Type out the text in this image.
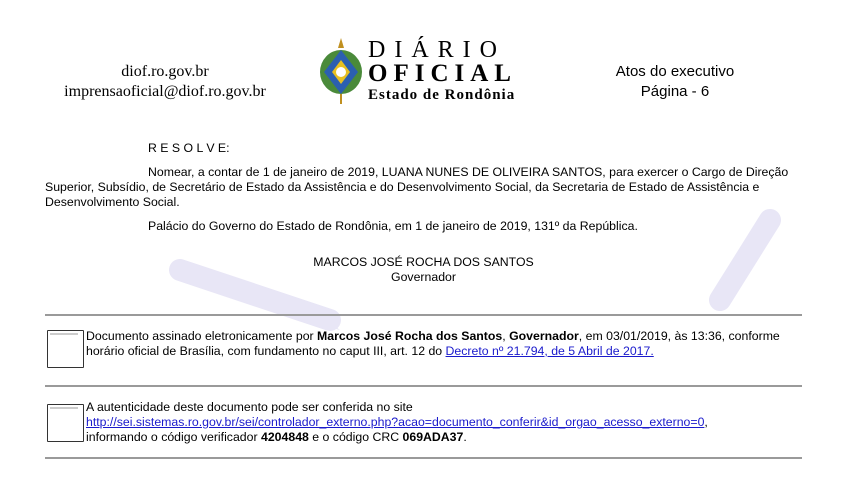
diof.ro.gov.br
imprensaoficial@diof.ro.gov.br
DIÁRIO
OFICIAL
Estado de Rondônia
Atos do executivo
Página - 6
R E S O L V E:
Nomear, a contar de 1 de janeiro de 2019, LUANA NUNES DE OLIVEIRA SANTOS, para exercer o Cargo de Direção Superior, Subsídio, de Secretário de Estado da Assistência e do Desenvolvimento Social, da Secretaria de Estado de Assistência e Desenvolvimento Social.
Palácio do Governo do Estado de Rondônia, em 1 de janeiro de 2019, 131º da República.
MARCOS JOSÉ ROCHA DOS SANTOS
Governador
Documento assinado eletronicamente por Marcos José Rocha dos Santos, Governador, em 03/01/2019, às 13:36, conforme horário oficial de Brasília, com fundamento no caput III, art. 12 do Decreto nº 21.794, de 5 Abril de 2017.
A autenticidade deste documento pode ser conferida no site
http://sei.sistemas.ro.gov.br/sei/controlador_externo.php?acao=documento_conferir&id_orgao_acesso_externo=0,
informando o código verificador 4204848 e o código CRC 069ADA37.
